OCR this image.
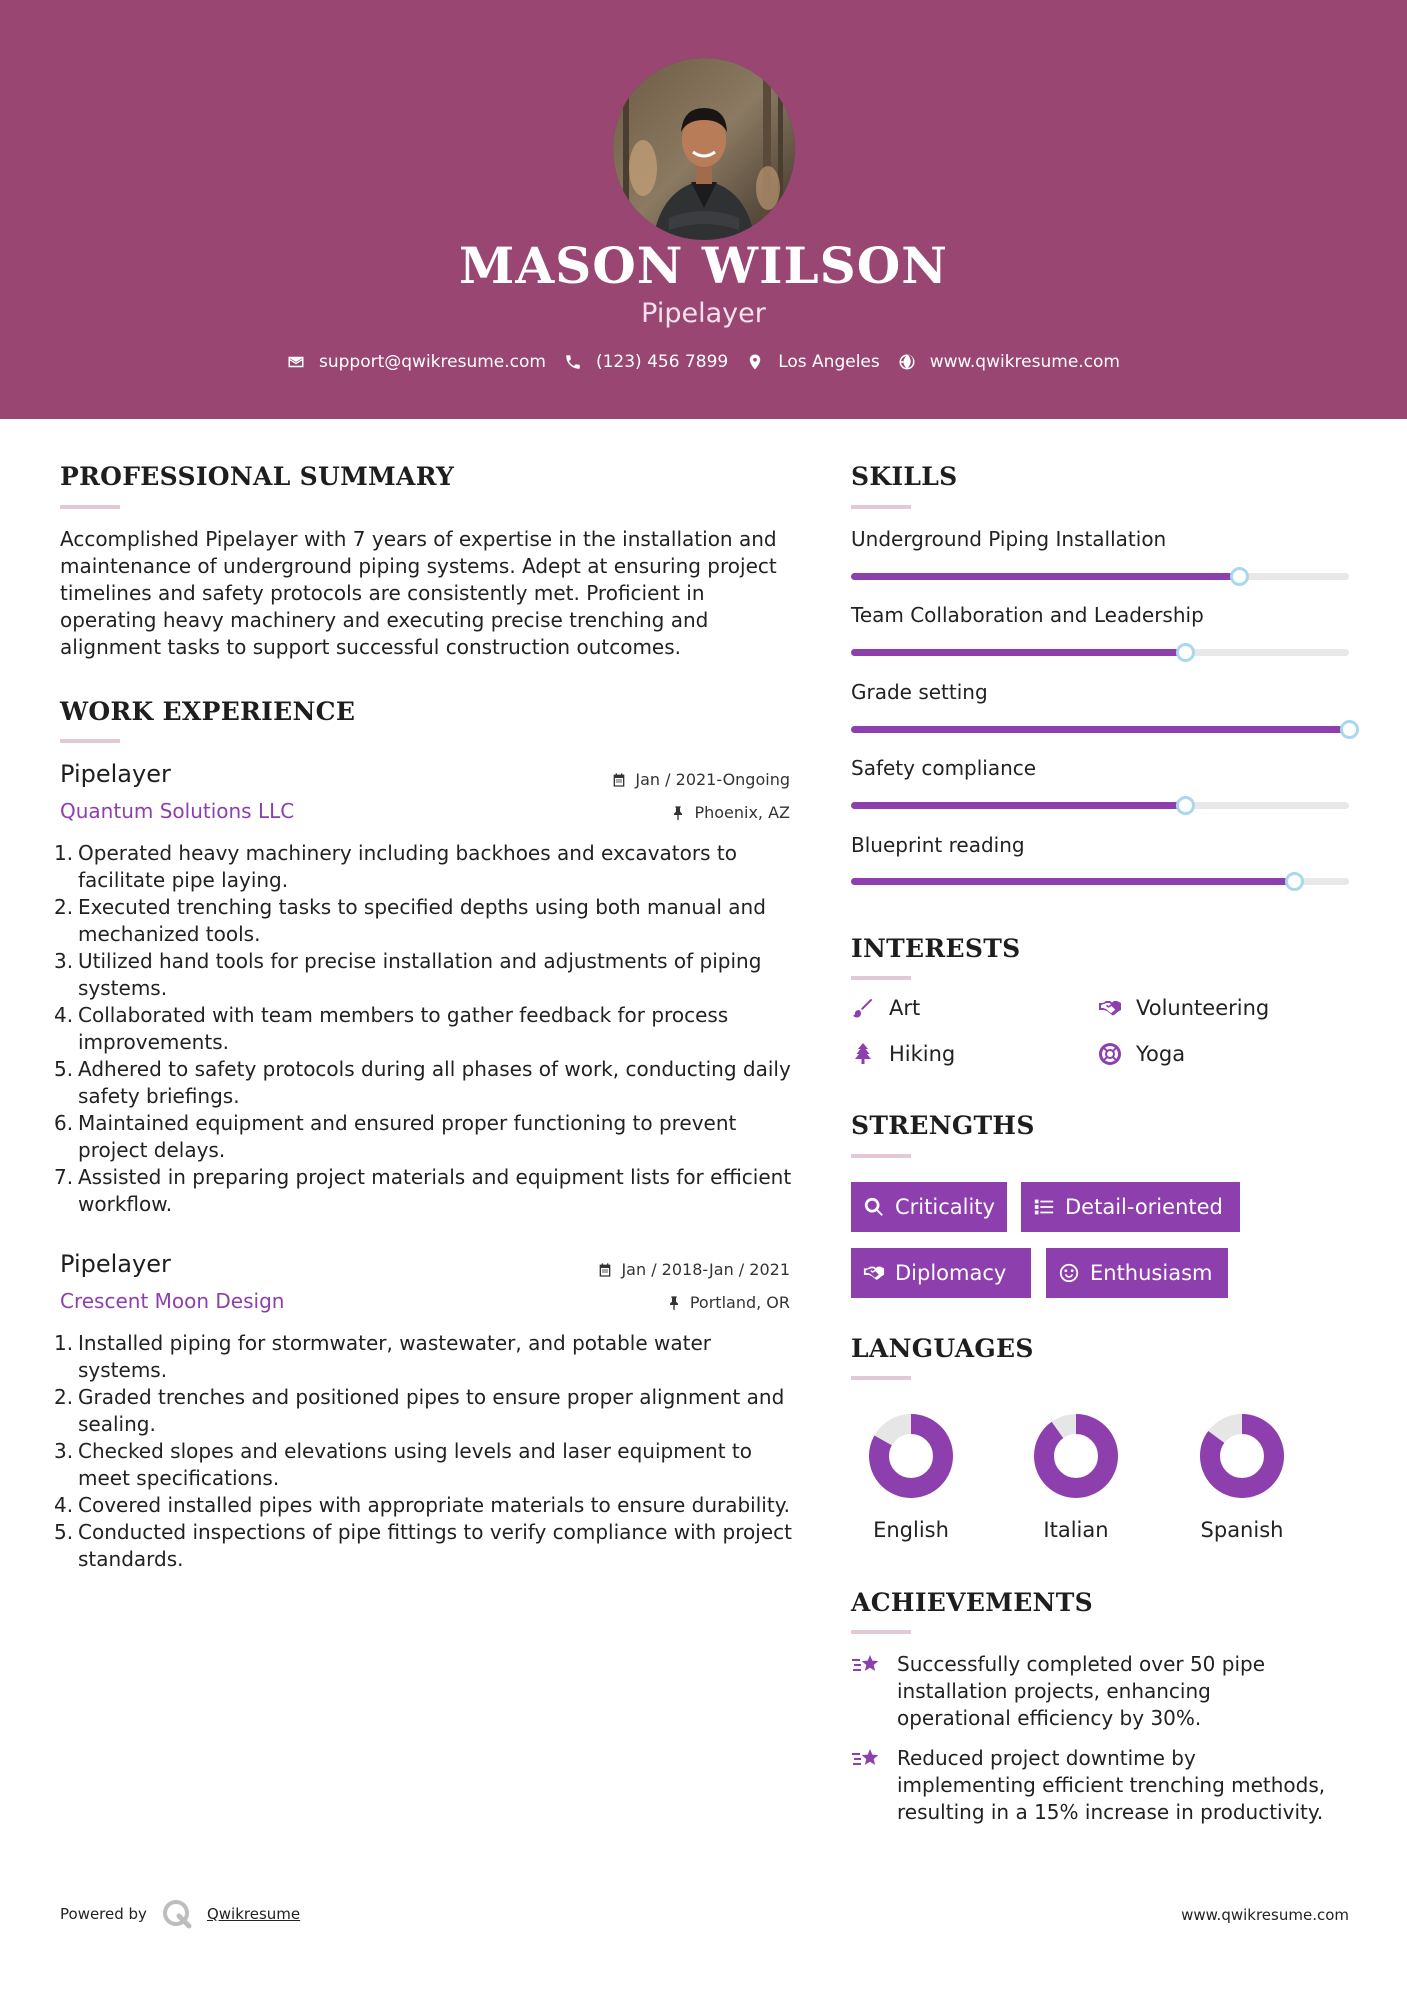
MASON WILSON
Pipelayer
support@qwikresume.com	(123) 456 7899	Los Angeles	www.qwikresume.com
PROFESSIONAL SUMMARY
Accomplished Pipelayer with 7 years of expertise in the installation and maintenance of underground piping systems. Adept at ensuring project timelines and safety protocols are consistently met. Proficient in operating heavy machinery and executing precise trenching and alignment tasks to support successful construction outcomes.
WORK EXPERIENCE
Pipelayer	Jan / 2021-Ongoing
Quantum Solutions LLC	Phoenix, AZ
1. Operated heavy machinery including backhoes and excavators to facilitate pipe laying.
2. Executed trenching tasks to specified depths using both manual and mechanized tools.
3. Utilized hand tools for precise installation and adjustments of piping systems.
4. Collaborated with team members to gather feedback for process improvements.
5. Adhered to safety protocols during all phases of work, conducting daily safety briefings.
6. Maintained equipment and ensured proper functioning to prevent project delays.
7. Assisted in preparing project materials and equipment lists for efficient workflow.
Pipelayer	Jan / 2018-Jan / 2021
Crescent Moon Design	Portland, OR
1. Installed piping for stormwater, wastewater, and potable water systems.
2. Graded trenches and positioned pipes to ensure proper alignment and sealing.
3. Checked slopes and elevations using levels and laser equipment to meet specifications.
4. Covered installed pipes with appropriate materials to ensure durability.
5. Conducted inspections of pipe fittings to verify compliance with project standards.
SKILLS
Underground Piping Installation
Team Collaboration and Leadership
Grade setting
Safety compliance
Blueprint reading
INTERESTS
Art	Volunteering
Hiking	Yoga
STRENGTHS
Criticality	Detail-oriented
Diplomacy	Enthusiasm
LANGUAGES
English	Italian	Spanish
ACHIEVEMENTS
Successfully completed over 50 pipe installation projects, enhancing operational efficiency by 30%.
Reduced project downtime by implementing efficient trenching methods, resulting in a 15% increase in productivity.
Powered by	Qwikresume	www.qwikresume.com
